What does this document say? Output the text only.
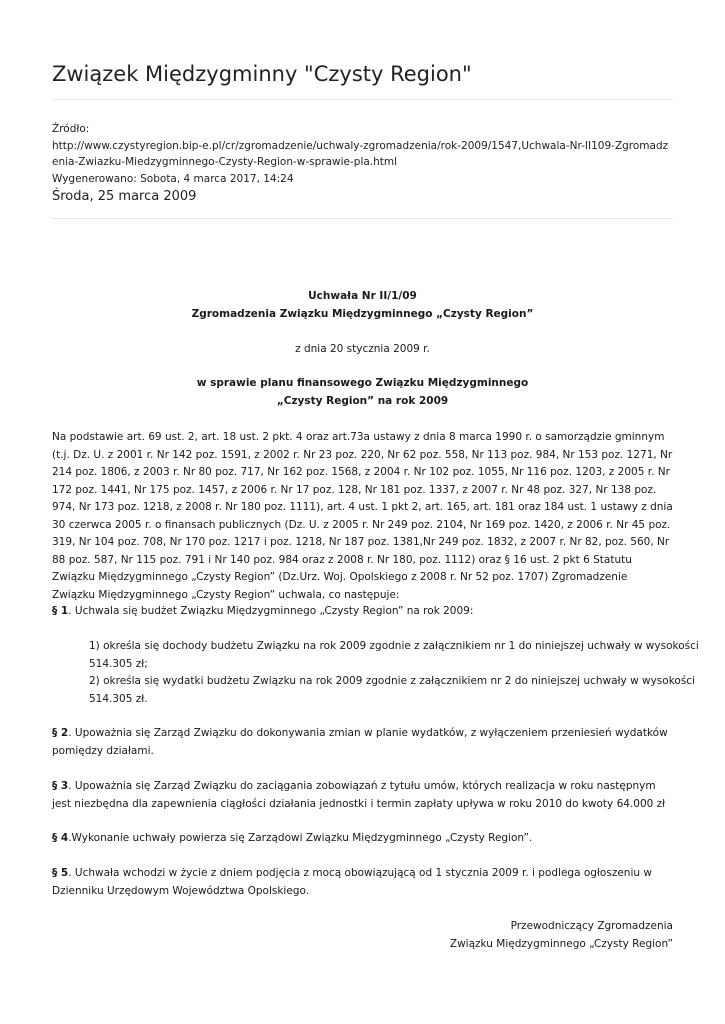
Związek Międzygminny "Czysty Region"
Źródło:
http://www.czystyregion.bip-e.pl/cr/zgromadzenie/uchwaly-zgromadzenia/rok-2009/1547,Uchwala-Nr-II109-Zgromadzenia-Zwiazku-Miedzygminnego-Czysty-Region-w-sprawie-pla.html
Wygenerowano: Sobota, 4 marca 2017, 14:24
Środa, 25 marca 2009
Uchwała Nr II/1/09
Zgromadzenia Związku Międzygminnego „Czysty Region”
z dnia 20 stycznia 2009 r.
w sprawie planu finansowego Związku Międzygminnego
„Czysty Region” na rok 2009

Na podstawie art. 69 ust. 2, art. 18 ust. 2 pkt. 4 oraz art.73a ustawy z dnia 8 marca 1990 r. o samorządzie gminnym (t.j. Dz. U. z 2001 r. Nr 142 poz. 1591, z 2002 r. Nr 23 poz. 220, Nr 62 poz. 558, Nr 113 poz. 984, Nr 153 poz. 1271, Nr 214 poz. 1806, z 2003 r. Nr 80 poz. 717, Nr 162 poz. 1568, z 2004 r. Nr 102 poz. 1055, Nr 116 poz. 1203, z 2005 r. Nr 172 poz. 1441, Nr 175 poz. 1457, z 2006 r. Nr 17 poz. 128, Nr 181 poz. 1337, z 2007 r. Nr 48 poz. 327, Nr 138 poz. 974, Nr 173 poz. 1218, z 2008 r. Nr 180 poz. 1111), art. 4 ust. 1 pkt 2, art. 165, art. 181 oraz 184 ust. 1 ustawy z dnia 30 czerwca 2005 r. o finansach publicznych (Dz. U. z 2005 r. Nr 249 poz. 2104, Nr 169 poz. 1420, z 2006 r. Nr 45 poz. 319, Nr 104 poz. 708, Nr 170 poz. 1217 i poz. 1218, Nr 187 poz. 1381,Nr 249 poz. 1832, z 2007 r. Nr 82, poz. 560, Nr 88 poz. 587, Nr 115 poz. 791 i Nr 140 poz. 984 oraz z 2008 r. Nr 180, poz. 1112) oraz § 16 ust. 2 pkt 6 Statutu Związku Międzygminnego „Czysty Region” (Dz.Urz. Woj. Opolskiego z 2008 r. Nr 52 poz. 1707) Zgromadzenie Związku Międzygminnego „Czysty Region” uchwala, co następuje:

§ 1. Uchwala się budżet Związku Międzygminnego „Czysty Region” na rok 2009:

1) określa się dochody budżetu Związku na rok 2009 zgodnie z załącznikiem nr 1 do niniejszej uchwały w wysokości 514.305 zł;
2) określa się wydatki budżetu Związku na rok 2009 zgodnie z załącznikiem nr 2 do niniejszej uchwały w wysokości 514.305 zł.

§ 2. Upoważnia się Zarząd Związku do dokonywania zmian w planie wydatków, z wyłączeniem przeniesień wydatków pomiędzy działami.

§ 3. Upoważnia się Zarząd Związku do zaciągania zobowiązań z tytułu umów, których realizacja w roku następnym jest niezbędna dla zapewnienia ciągłości działania jednostki i termin zapłaty upływa w roku 2010 do kwoty 64.000 zł

§ 4.Wykonanie uchwały powierza się Zarządowi Związku Międzygminnego „Czysty Region”.

§ 5. Uchwała wchodzi w życie z dniem podjęcia z mocą obowiązującą od 1 stycznia 2009 r. i podlega ogłoszeniu w Dzienniku Urzędowym Województwa Opolskiego.

Przewodniczący Zgromadzenia
Związku Międzygminnego „Czysty Region”
